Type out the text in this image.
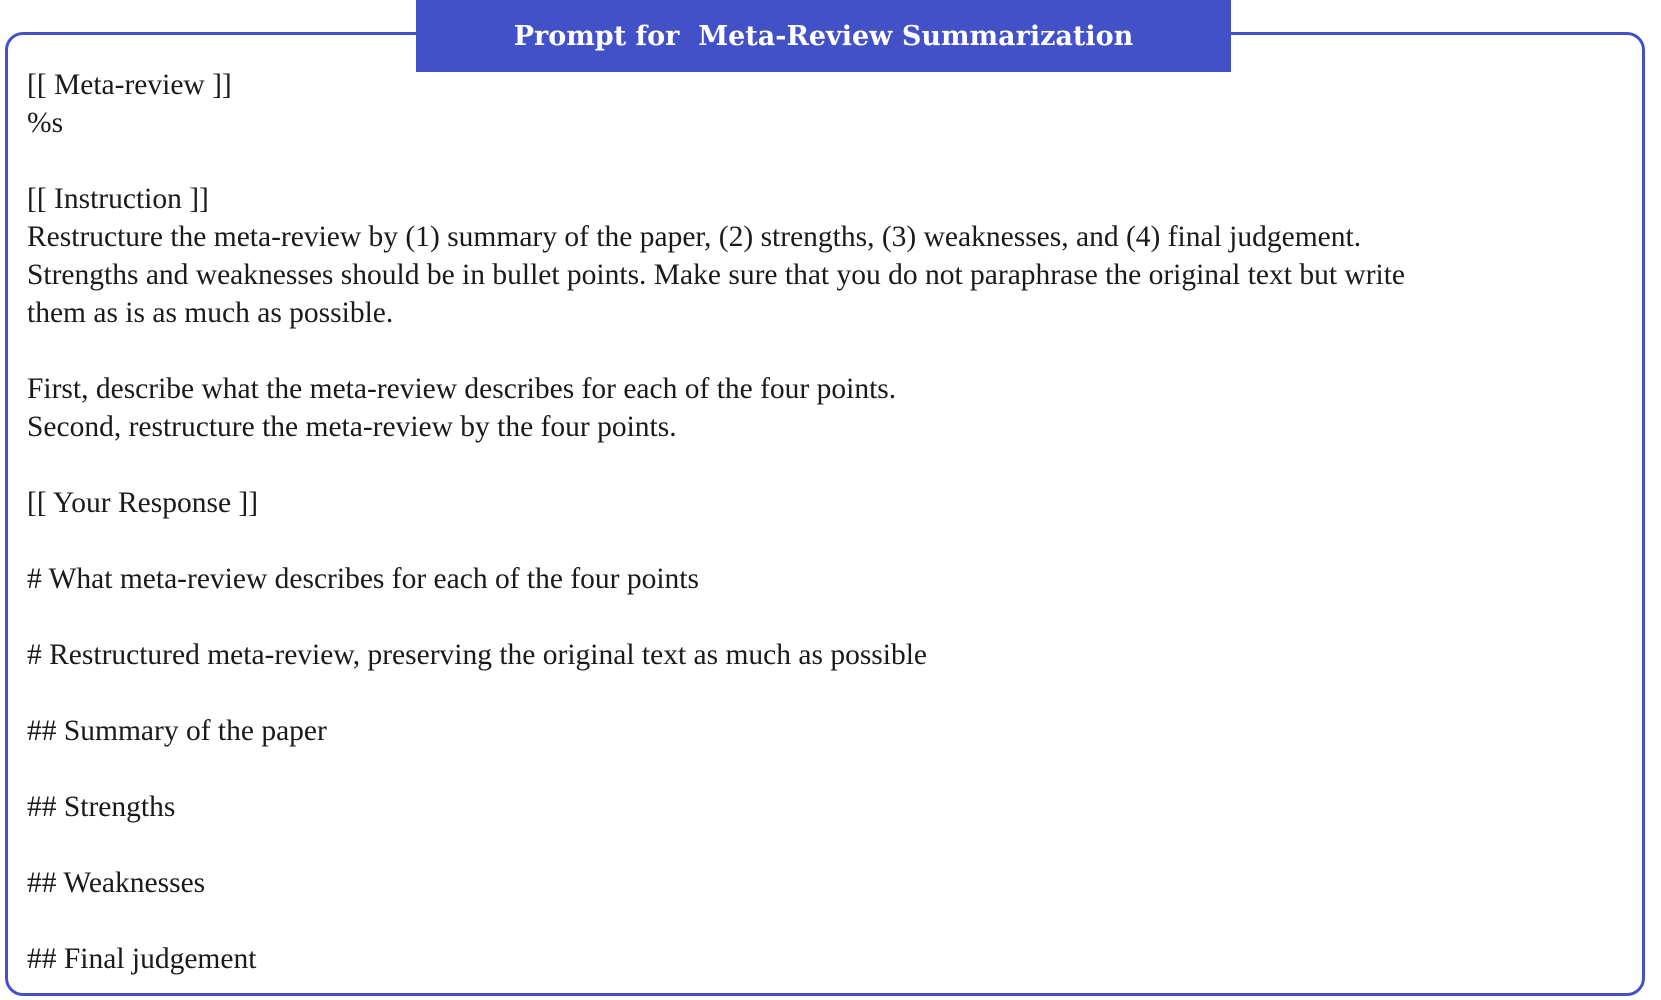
Prompt for  Meta-Review Summarization
[[ Meta-review ]]
%s
[[ Instruction ]]
Restructure the meta-review by (1) summary of the paper, (2) strengths, (3) weaknesses, and (4) final judgement.
Strengths and weaknesses should be in bullet points. Make sure that you do not paraphrase the original text but write
them as is as much as possible.
First, describe what the meta-review describes for each of the four points.
Second, restructure the meta-review by the four points.
[[ Your Response ]]
# What meta-review describes for each of the four points
# Restructured meta-review, preserving the original text as much as possible
## Summary of the paper
## Strengths
## Weaknesses
## Final judgement
